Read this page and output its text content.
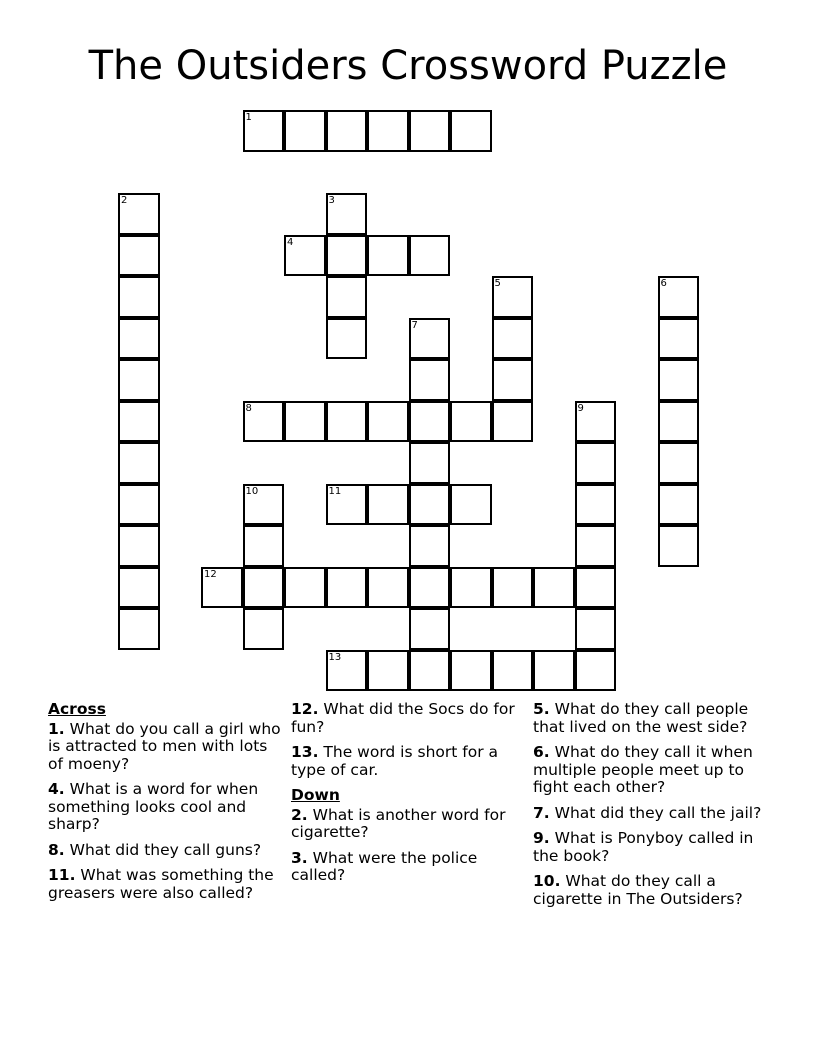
The Outsiders Crossword Puzzle
1
2	3
4
5	6
7
8	9
10	11
12
13
Across
1. What do you call a girl who is attracted to men with lots of moeny?
4. What is a word for when something looks cool and sharp?
8. What did they call guns?
11. What was something the greasers were also called?
12. What did the Socs do for fun?
13. The word is short for a type of car.
Down
2. What is another word for cigarette?
3. What were the police called?
5. What do they call people that lived on the west side?
6. What do they call it when multiple people meet up to fight each other?
7. What did they call the jail?
9. What is Ponyboy called in the book?
10. What do they call a cigarette in The Outsiders?
